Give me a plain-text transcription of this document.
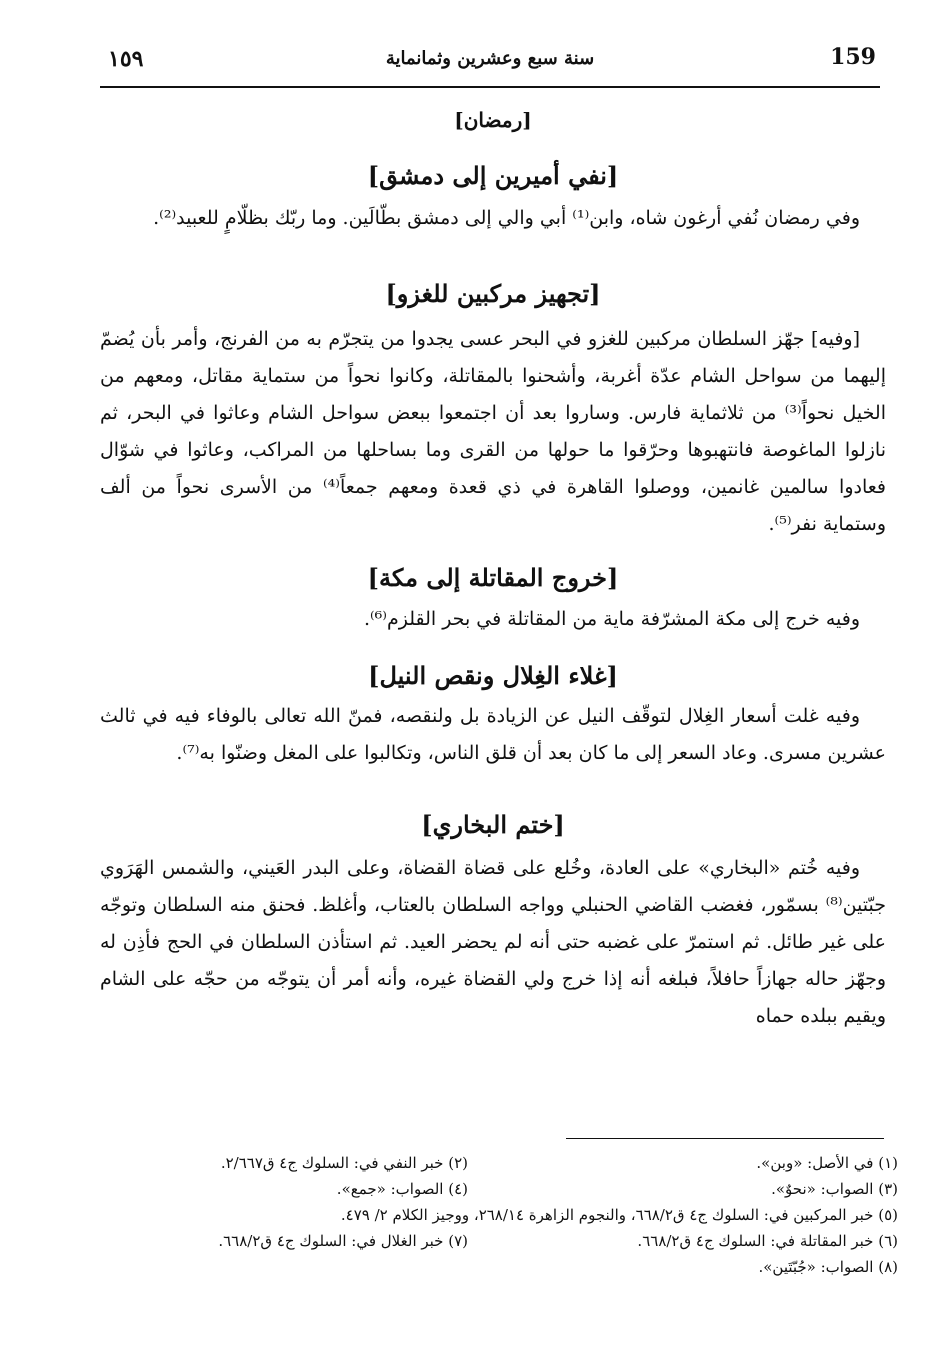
159
سنة سبع وعشرين وثمانماية
١٥٩
[رمضان]
[نفي أميرين إلى دمشق]

وفي رمضان نُفي أرغون شاه، وابن⁽¹⁾ أبي والي إلى دمشق بطّالَين. وما ربّك بظلّامٍ للعبيد⁽²⁾.

[تجهيز مركبين للغزو]

[وفيه] جهّز السلطان مركبين للغزو في البحر عسى يجدوا من يتجرّم به من الفرنج، وأمر بأن يُضمّ إليهما من سواحل الشام عدّة أغربة، وأشحنوا بالمقاتلة، وكانوا نحواً من ستماية مقاتل، ومعهم من الخيل نحواً⁽³⁾ من ثلاثماية فارس. وساروا بعد أن اجتمعوا ببعض سواحل الشام وعاثوا في البحر، ثم نازلوا الماغوصة فانتهبوها وحرّقوا ما حولها من القرى وما بساحلها من المراكب، وعاثوا في شوّال فعادوا سالمين غانمين، ووصلوا القاهرة في ذي قعدة ومعهم جمعاً⁽⁴⁾ من الأسرى نحواً من ألف وستماية نفر⁽⁵⁾.

[خروج المقاتلة إلى مكة]

وفيه خرج إلى مكة المشرّفة ماية من المقاتلة في بحر القلزم⁽⁶⁾.

[غلاء الغِلال ونقص النيل]

وفيه غلت أسعار الغِلال لتوقّف النيل عن الزيادة بل ولنقصه، فمنّ الله تعالى بالوفاء فيه في ثالث عشرين مسرى. وعاد السعر إلى ما كان بعد أن قلق الناس، وتكالبوا على المغل وضنّوا به⁽⁷⁾.

[ختم البخاري]

وفيه خُتم «البخاري» على العادة، وخُلع على قضاة القضاة، وعلى البدر العَيني، والشمس الهَرَوي جبّتين⁽⁸⁾ بسمّور، فغضب القاضي الحنبلي وواجه السلطان بالعتاب، وأغلظ. فحنق منه السلطان وتوجّه على غير طائل. ثم استمرّ على غضبه حتى أنه لم يحضر العيد. ثم استأذن السلطان في الحج فأذِن له وجهّز حاله جهازاً حافلاً، فبلغه أنه إذا خرج ولي القضاة غيره، وأنه أمر أن يتوجّه من حجّه على الشام ويقيم ببلده حماه

(١) في الأصل: «وبن».
(٢) خبر النفي في: السلوك ج٤ ق٢/٦٦٧.
(٣) الصواب: «نحوٌ».
(٤) الصواب: «جمع».
(٥) خبر المركبين في: السلوك ج٤ ق٦٦٨/٢، والنجوم الزاهرة ٢٦٨/١٤، ووجيز الكلام ٢/ ٤٧٩.
(٦) خبر المقاتلة في: السلوك ج٤ ق٦٦٨/٢.
(٧) خبر الغلال في: السلوك ج٤ ق٦٦٨/٢.
(٨) الصواب: «جُبّتَين».
